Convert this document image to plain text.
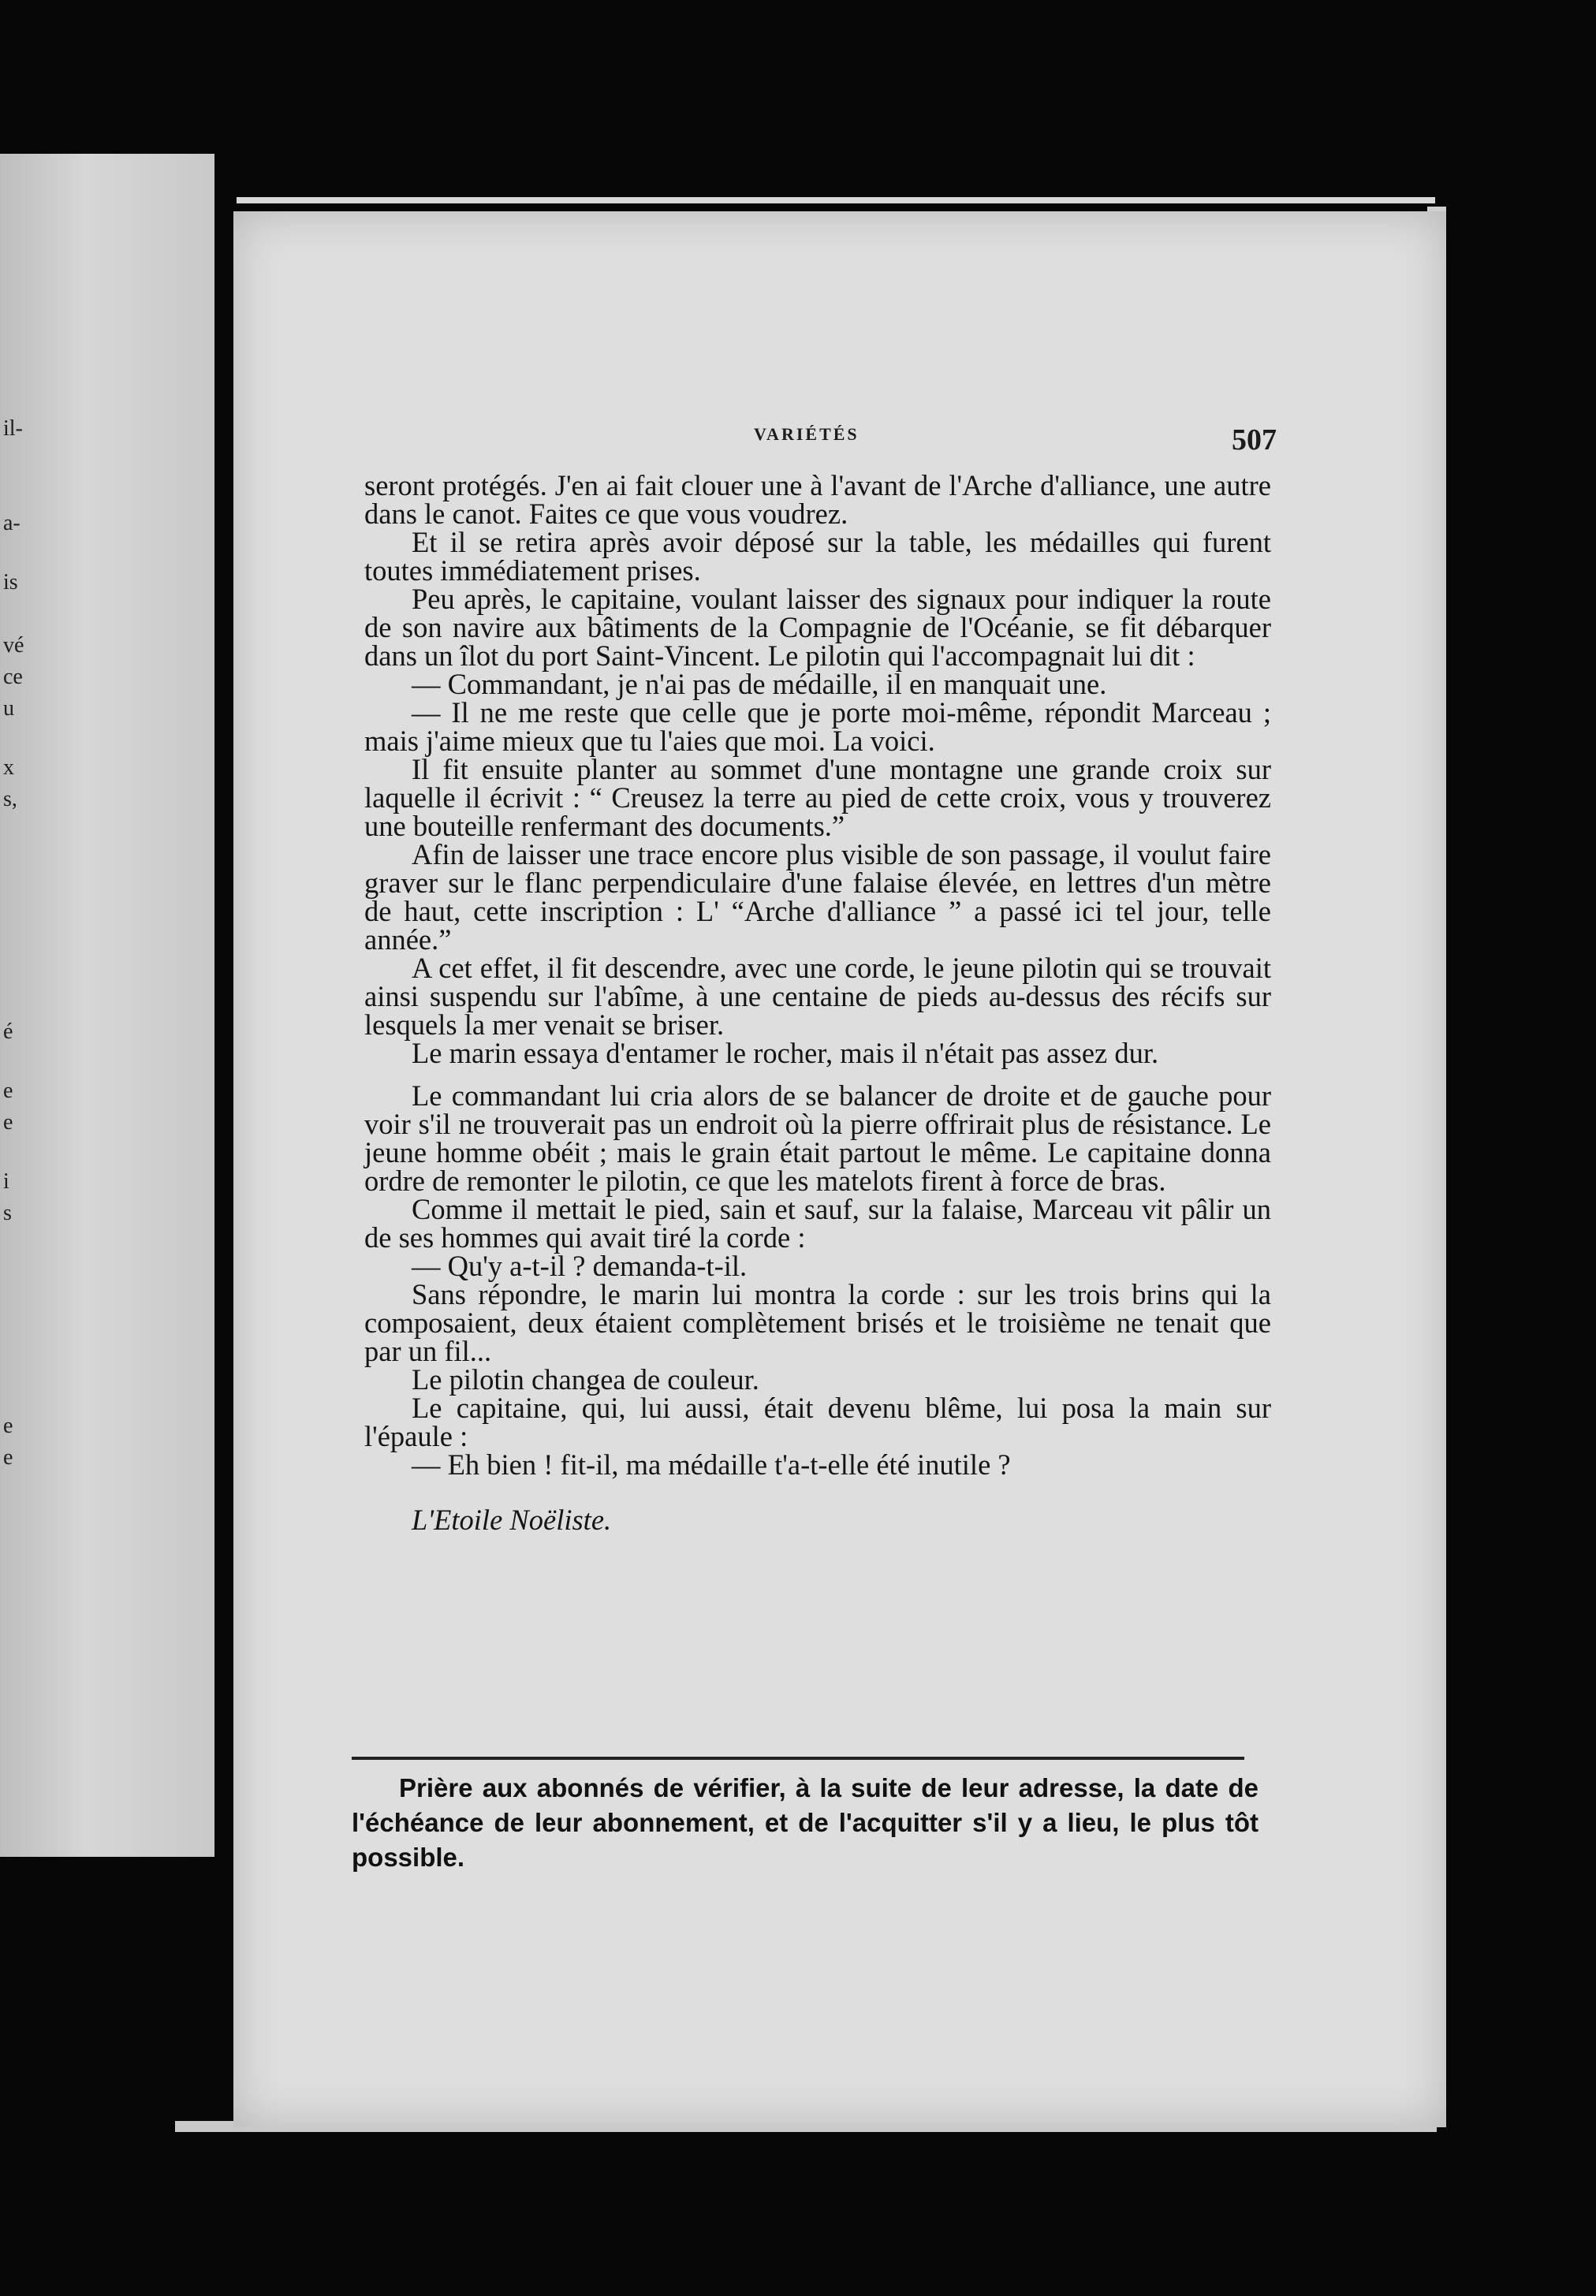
il-
a-
is
vé
ce
u
x
s,
é
e
e
i
s
e
e
VARIÉTÉS	507

seront protégés. J'en ai fait clouer une à l'avant de l'Arche d'alliance, une autre dans le canot. Faites ce que vous voudrez.

Et il se retira après avoir déposé sur la table, les médailles qui furent toutes immédiatement prises.

Peu après, le capitaine, voulant laisser des signaux pour indiquer la route de son navire aux bâtiments de la Compagnie de l'Océanie, se fit débarquer dans un îlot du port Saint-Vincent. Le pilotin qui l'accompagnait lui dit :

— Commandant, je n'ai pas de médaille, il en manquait une.

— Il ne me reste que celle que je porte moi-même, répondit Marceau ; mais j'aime mieux que tu l'aies que moi. La voici.

Il fit ensuite planter au sommet d'une montagne une grande croix sur laquelle il écrivit : “ Creusez la terre au pied de cette croix, vous y trouverez une bouteille renfermant des documents.”

Afin de laisser une trace encore plus visible de son passage, il voulut faire graver sur le flanc perpendiculaire d'une falaise élevée, en lettres d'un mètre de haut, cette inscription : L' “Arche d'alliance ” a passé ici tel jour, telle année.”

A cet effet, il fit descendre, avec une corde, le jeune pilotin qui se trouvait ainsi suspendu sur l'abîme, à une centaine de pieds au-dessus des récifs sur lesquels la mer venait se briser.

Le marin essaya d'entamer le rocher, mais il n'était pas assez dur.

Le commandant lui cria alors de se balancer de droite et de gauche pour voir s'il ne trouverait pas un endroit où la pierre offrirait plus de résistance. Le jeune homme obéit ; mais le grain était partout le même. Le capitaine donna ordre de remonter le pilotin, ce que les matelots firent à force de bras.

Comme il mettait le pied, sain et sauf, sur la falaise, Marceau vit pâlir un de ses hommes qui avait tiré la corde :

— Qu'y a-t-il ? demanda-t-il.

Sans répondre, le marin lui montra la corde : sur les trois brins qui la composaient, deux étaient complètement brisés et le troisième ne tenait que par un fil...

Le pilotin changea de couleur.

Le capitaine, qui, lui aussi, était devenu blême, lui posa la main sur l'épaule :

— Eh bien ! fit-il, ma médaille t'a-t-elle été inutile ?

L'Etoile Noëliste.

Prière aux abonnés de vérifier, à la suite de leur adresse, la date de l'échéance de leur abonnement, et de l'acquitter s'il y a lieu, le plus tôt possible.
